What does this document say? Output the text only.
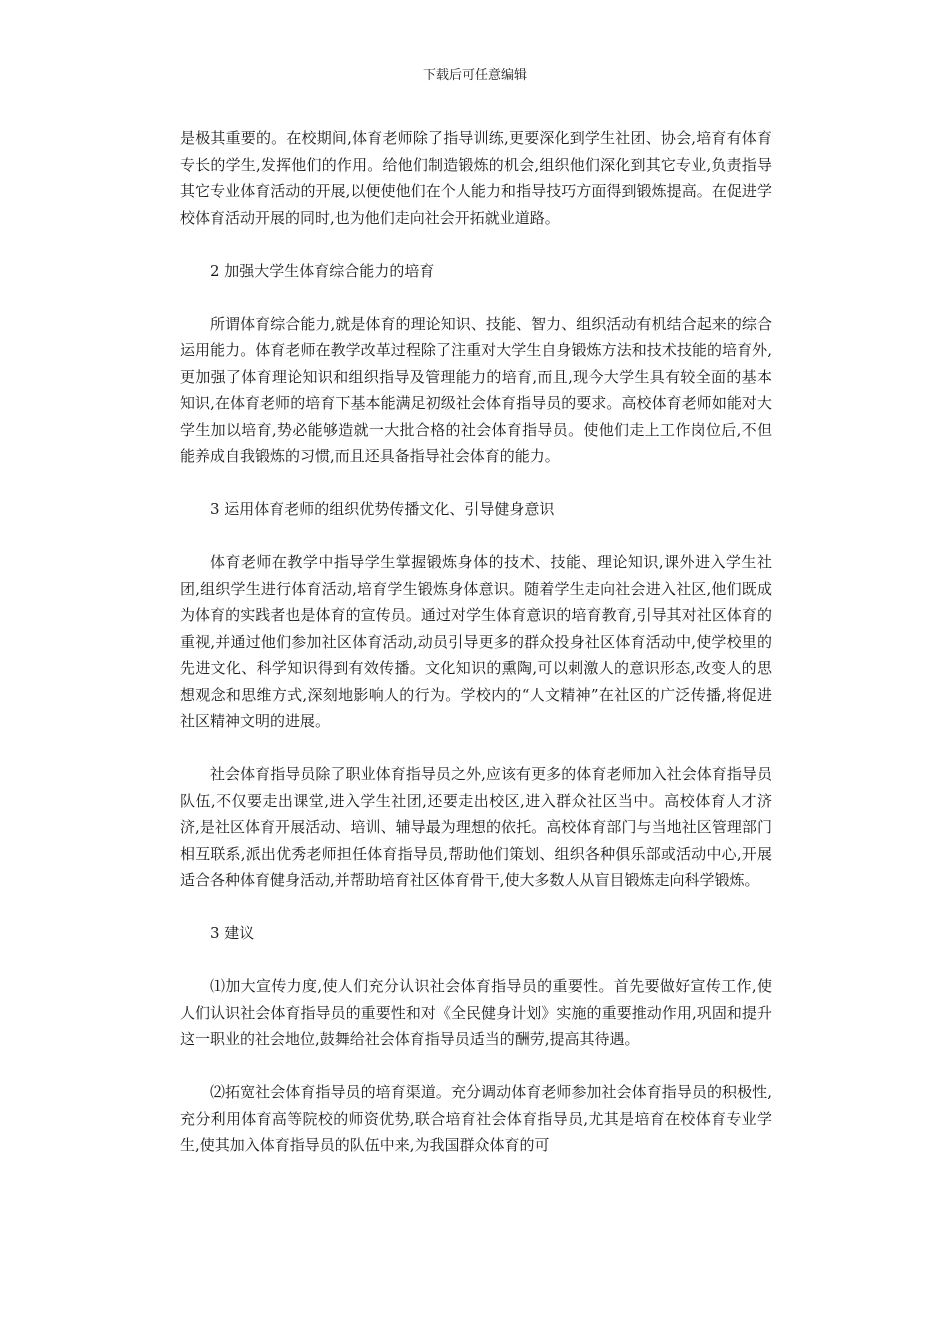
下载后可任意编辑

是极其重要的。在校期间,体育老师除了指导训练,更要深化到学生社团、协会,培育有体育专长的学生,发挥他们的作用。给他们制造锻炼的机会,组织他们深化到其它专业,负责指导其它专业体育活动的开展,以便使他们在个人能力和指导技巧方面得到锻炼提高。在促进学校体育活动开展的同时,也为他们走向社会开拓就业道路。

2 加强大学生体育综合能力的培育

所谓体育综合能力,就是体育的理论知识、技能、智力、组织活动有机结合起来的综合运用能力。体育老师在教学改革过程除了注重对大学生自身锻炼方法和技术技能的培育外,更加强了体育理论知识和组织指导及管理能力的培育,而且,现今大学生具有较全面的基本知识,在体育老师的培育下基本能满足初级社会体育指导员的要求。高校体育老师如能对大学生加以培育,势必能够造就一大批合格的社会体育指导员。使他们走上工作岗位后,不但能养成自我锻炼的习惯,而且还具备指导社会体育的能力。

3 运用体育老师的组织优势传播文化、引导健身意识

体育老师在教学中指导学生掌握锻炼身体的技术、技能、理论知识,课外进入学生社团,组织学生进行体育活动,培育学生锻炼身体意识。随着学生走向社会进入社区,他们既成为体育的实践者也是体育的宣传员。通过对学生体育意识的培育教育,引导其对社区体育的重视,并通过他们参加社区体育活动,动员引导更多的群众投身社区体育活动中,使学校里的先进文化、科学知识得到有效传播。文化知识的熏陶,可以刺激人的意识形态,改变人的思想观念和思维方式,深刻地影响人的行为。学校内的“人文精神”在社区的广泛传播,将促进社区精神文明的进展。

社会体育指导员除了职业体育指导员之外,应该有更多的体育老师加入社会体育指导员队伍,不仅要走出课堂,进入学生社团,还要走出校区,进入群众社区当中。高校体育人才济济,是社区体育开展活动、培训、辅导最为理想的依托。高校体育部门与当地社区管理部门相互联系,派出优秀老师担任体育指导员,帮助他们策划、组织各种俱乐部或活动中心,开展适合各种体育健身活动,并帮助培育社区体育骨干,使大多数人从盲目锻炼走向科学锻炼。

3 建议

⑴加大宣传力度,使人们充分认识社会体育指导员的重要性。首先要做好宣传工作,使人们认识社会体育指导员的重要性和对《全民健身计划》实施的重要推动作用,巩固和提升这一职业的社会地位,鼓舞给社会体育指导员适当的酬劳,提高其待遇。

⑵拓宽社会体育指导员的培育渠道。充分调动体育老师参加社会体育指导员的积极性,充分利用体育高等院校的师资优势,联合培育社会体育指导员,尤其是培育在校体育专业学生,使其加入体育指导员的队伍中来,为我国群众体育的可
